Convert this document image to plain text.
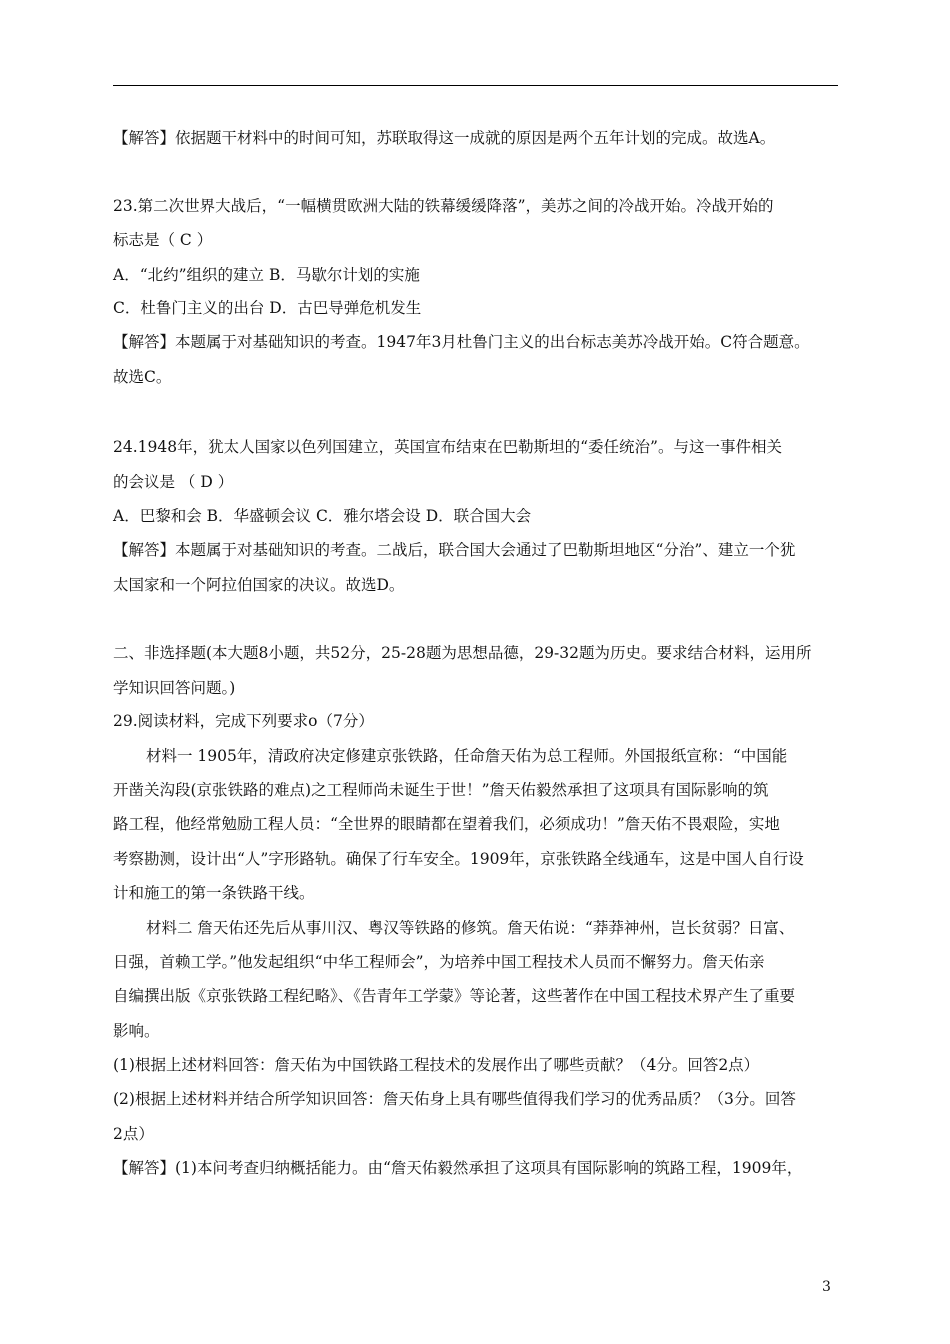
【解答】依据题干材料中的时间可知，苏联取得这一成就的原因是两个五年计划的完成。故选A。
23.第二次世界大战后，“一幅横贯欧洲大陆的铁幕缓缓降落”，美苏之间的冷战开始。冷战开始的
标志是（ C ）
A．“北约”组织的建立 B．马歇尔计划的实施
C．杜鲁门主义的出台 D．古巴导弹危机发生
【解答】本题属于对基础知识的考查。1947年3月杜鲁门主义的出台标志美苏冷战开始。C符合题意。
故选C。
24.1948年，犹太人国家以色列国建立，英国宣布结束在巴勒斯坦的“委任统治”。与这一事件相关
的会议是 （ D ）
A．巴黎和会 B．华盛顿会议 C．雅尔塔会设 D．联合国大会
【解答】本题属于对基础知识的考查。二战后，联合国大会通过了巴勒斯坦地区“分治”、建立一个犹
太国家和一个阿拉伯国家的决议。故选D。
二、非选择题(本大题8小题，共52分，25-28题为思想品德，29-32题为历史。要求结合材料，运用所
学知识回答问题。)
29.阅读材料，完成下列要求o（7分）
材料一 1905年，清政府决定修建京张铁路，任命詹天佑为总工程师。外国报纸宣称：“中国能
开凿关沟段(京张铁路的难点)之工程师尚未诞生于世！”詹天佑毅然承担了这项具有国际影响的筑
路工程，他经常勉励工程人员：“全世界的眼睛都在望着我们，必须成功！”詹天佑不畏艰险，实地
考察勘测，设计出“人”字形路轨。确保了行车安全。1909年，京张铁路全线通车，这是中国人自行设
计和施工的第一条铁路干线。
材料二 詹天佑还先后从事川汉、粤汉等铁路的修筑。詹天佑说：“莽莽神州，岂长贫弱？日富、
日强，首赖工学。”他发起组织“中华工程师会”，为培养中国工程技术人员而不懈努力。詹天佑亲
自编撰出版《京张铁路工程纪略》、《告青年工学蒙》等论著，这些著作在中国工程技术界产生了重要
影响。
(1)根据上述材料回答：詹天佑为中国铁路工程技术的发展作出了哪些贡献？（4分。回答2点）
(2)根据上述材料并结合所学知识回答：詹天佑身上具有哪些值得我们学习的优秀品质？（3分。回答
2点）
【解答】(1)本问考查归纳概括能力。由“詹天佑毅然承担了这项具有国际影响的筑路工程，1909年，
3
